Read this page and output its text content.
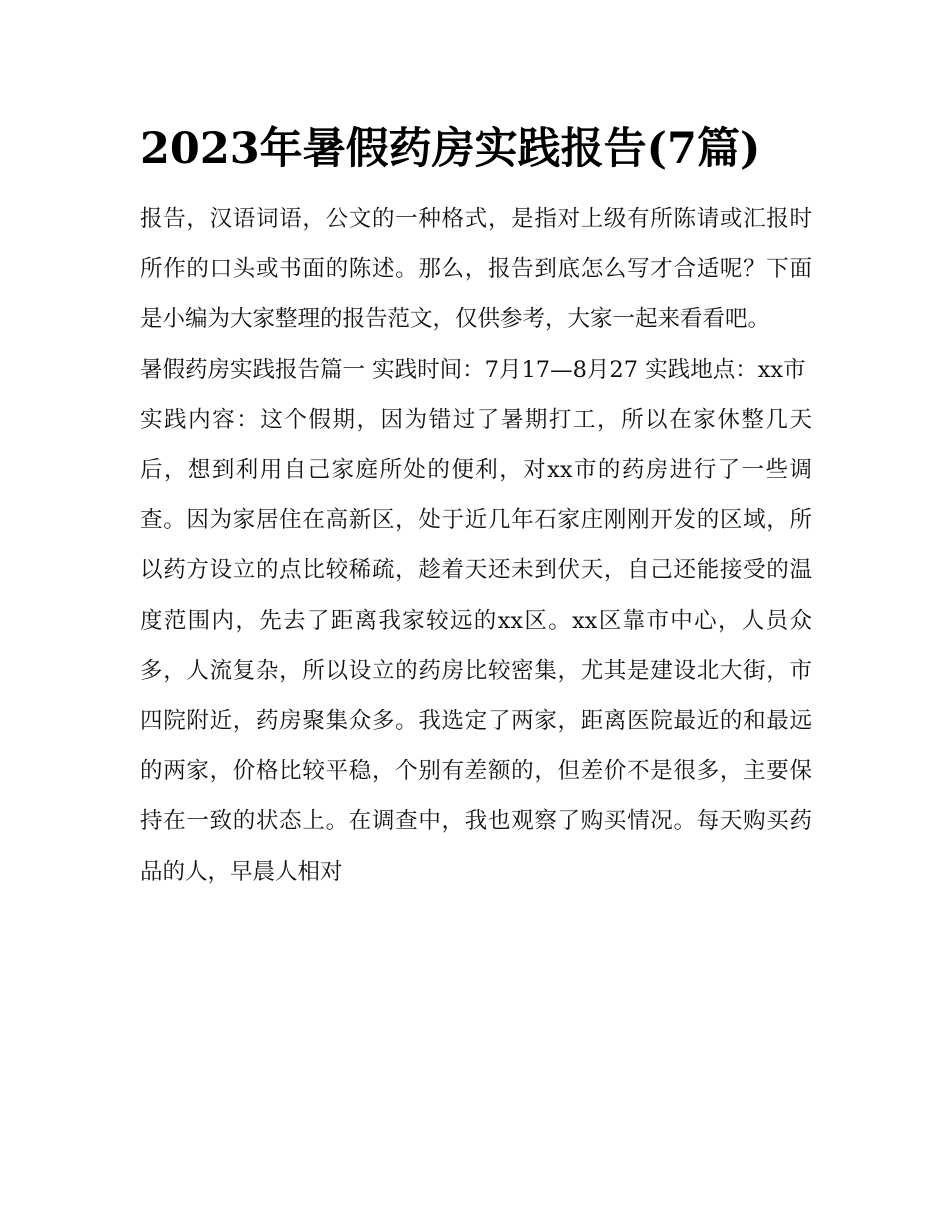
2023年暑假药房实践报告(7篇)

报告，汉语词语，公文的一种格式，是指对上级有所陈请或汇报时所作的口头或书面的陈述。那么，报告到底怎么写才合适呢？下面是小编为大家整理的报告范文，仅供参考，大家一起来看看吧。

暑假药房实践报告篇一 实践时间：7月17—8月27 实践地点：xx市

实践内容：这个假期，因为错过了暑期打工，所以在家休整几天后，想到利用自己家庭所处的便利，对xx市的药房进行了一些调查。因为家居住在高新区，处于近几年石家庄刚刚开发的区域，所以药方设立的点比较稀疏，趁着天还未到伏天，自己还能接受的温度范围内，先去了距离我家较远的xx区。xx区靠市中心，人员众多，人流复杂，所以设立的药房比较密集，尤其是建设北大街，市四院附近，药房聚集众多。我选定了两家，距离医院最近的和最远的两家，价格比较平稳，个别有差额的，但差价不是很多，主要保持在一致的状态上。在调查中，我也观察了购买情况。每天购买药品的人，早晨人相对
